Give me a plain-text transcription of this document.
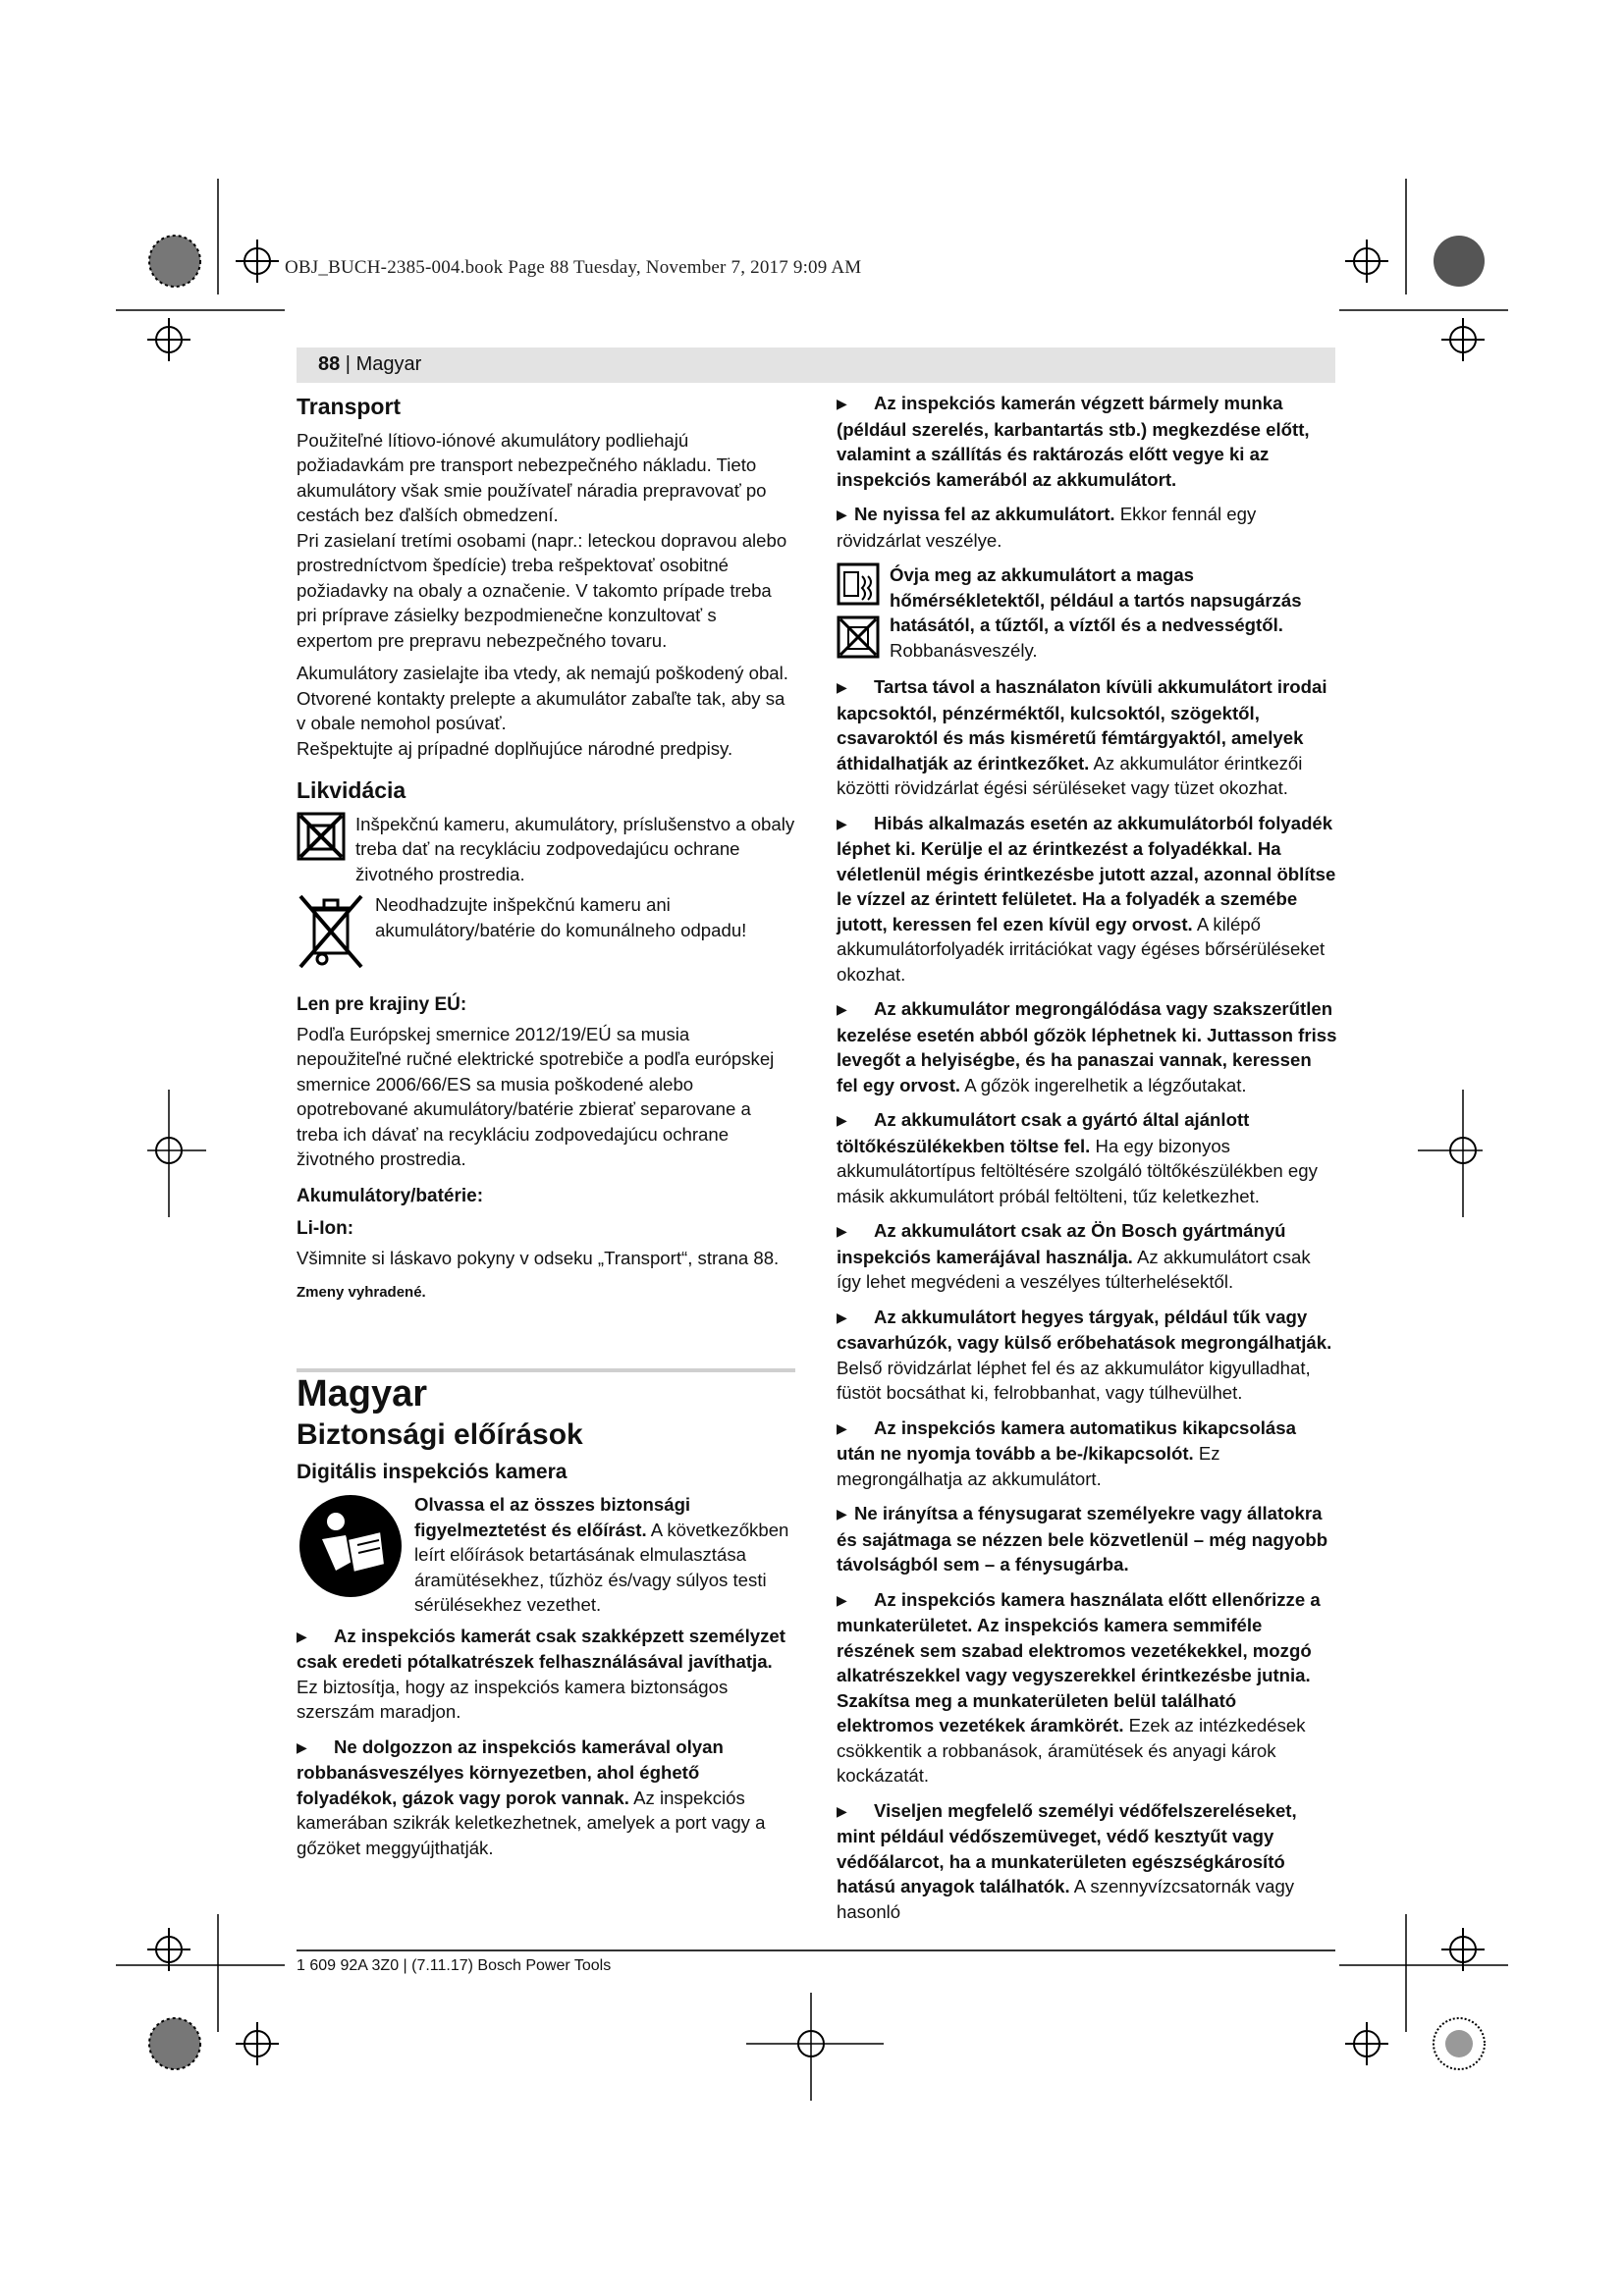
OBJ_BUCH-2385-004.book Page 88 Tuesday, November 7, 2017 9:09 AM
88 | Magyar
Transport

Použiteľné lítiovo-iónové akumulátory podliehajú požiadavkám pre transport nebezpečného nákladu. Tieto akumulátory však smie používateľ náradia prepravovať po cestách bez ďalších obmedzení.

Pri zasielaní tretími osobami (napr.: leteckou dopravou alebo prostredníctvom špedície) treba rešpektovať osobitné požiadavky na obaly a označenie. V takomto prípade treba pri príprave zásielky bezpodmienečne konzultovať s expertom pre prepravu nebezpečného tovaru.

Akumulátory zasielajte iba vtedy, ak nemajú poškodený obal. Otvorené kontakty prelepte a akumulátor zabaľte tak, aby sa v obale nemohol posúvať.

Rešpektujte aj prípadné doplňujúce národné predpisy.

Likvidácia
Inšpekčnú kameru, akumulátory, príslušenstvo a obaly treba dať na recykláciu zodpovedajúcu ochrane životného prostredia.
Neodhadzujte inšpekčnú kameru ani akumulátory/batérie do komunálneho odpadu!
Len pre krajiny EÚ:

Podľa Európskej smernice 2012/19/EÚ sa musia nepoužiteľné ručné elektrické spotrebiče a podľa európskej smernice 2006/66/ES sa musia poškodené alebo opotrebované akumulátory/batérie zbierať separovane a treba ich dávať na recykláciu zodpovedajúcu ochrane životného prostredia.

Akumulátory/batérie:
Li-Ion:

Všimnite si láskavo pokyny v odseku „Transport“, strana 88.

Zmeny vyhradené.
Magyar
Biztonsági előírások
Digitális inspekciós kamera
Olvassa el az összes biztonsági figyelmeztetést és előírást. A következőkben leírt előírások betartásának elmulasztása áramütésekhez, tűzhöz és/vagy súlyos testi sérülésekhez vezethet.

▶ Az inspekciós kamerát csak szakképzett személyzet csak eredeti pótalkatrészek felhasználásával javíthatja. Ez biztosítja, hogy az inspekciós kamera biztonságos szerszám maradjon.

▶ Ne dolgozzon az inspekciós kamerával olyan robbanásveszélyes környezetben, ahol éghető folyadékok, gázok vagy porok vannak. Az inspekciós kamerában szikrák keletkezhetnek, amelyek a port vagy a gőzöket meggyújthatják.

▶ Az inspekciós kamerán végzett bármely munka (például szerelés, karbantartás stb.) megkezdése előtt, valamint a szállítás és raktározás előtt vegye ki az inspekciós kamerából az akkumulátort.

▶ Ne nyissa fel az akkumulátort. Ekkor fennál egy rövidzárlat veszélye.

Óvja meg az akkumulátort a magas hőmérsékletektől, például a tartós napsugárzás hatásától, a tűztől, a víztől és a nedvességtől. Robbanásveszély.

▶ Tartsa távol a használaton kívüli akkumulátort irodai kapcsoktól, pénzérméktől, kulcsoktól, szögektől, csavaroktól és más kisméretű fémtárgyaktól, amelyek áthidalhatják az érintkezőket. Az akkumulátor érintkezői közötti rövidzárlat égési sérüléseket vagy tüzet okozhat.

▶ Hibás alkalmazás esetén az akkumulátorból folyadék léphet ki. Kerülje el az érintkezést a folyadékkal. Ha véletlenül mégis érintkezésbe jutott azzal, azonnal öblítse le vízzel az érintett felületet. Ha a folyadék a szemébe jutott, keressen fel ezen kívül egy orvost. A kilépő akkumulátorfolyadék irritációkat vagy égéses bőrsérüléseket okozhat.

▶ Az akkumulátor megrongálódása vagy szakszerűtlen kezelése esetén abból gőzök léphetnek ki. Juttasson friss levegőt a helyiségbe, és ha panaszai vannak, keressen fel egy orvost. A gőzök ingerelhetik a légzőutakat.

▶ Az akkumulátort csak a gyártó által ajánlott töltőkészülékekben töltse fel. Ha egy bizonyos akkumulátortípus feltöltésére szolgáló töltőkészülékben egy másik akkumulátort próbál feltölteni, tűz keletkezhet.

▶ Az akkumulátort csak az Ön Bosch gyártmányú inspekciós kamerájával használja. Az akkumulátort csak így lehet megvédeni a veszélyes túlterhelésektől.

▶ Az akkumulátort hegyes tárgyak, például tűk vagy csavarhúzók, vagy külső erőbehatások megrongálhatják. Belső rövidzárlat léphet fel és az akkumulátor kigyulladhat, füstöt bocsáthat ki, felrobbanhat, vagy túlhevülhet.

▶ Az inspekciós kamera automatikus kikapcsolása után ne nyomja tovább a be-/kikapcsolót. Ez megrongálhatja az akkumulátort.

▶ Ne irányítsa a fénysugarat személyekre vagy állatokra és sajátmaga se nézzen bele közvetlenül – még nagyobb távolságból sem – a fénysugárba.

▶ Az inspekciós kamera használata előtt ellenőrizze a munkaterületet. Az inspekciós kamera semmiféle részének sem szabad elektromos vezetékekkel, mozgó alkatrészekkel vagy vegyszerekkel érintkezésbe jutnia. Szakítsa meg a munkaterületen belül található elektromos vezetékek áramkörét. Ezek az intézkedések csökkentik a robbanások, áramütések és anyagi károk kockázatát.

▶ Viseljen megfelelő személyi védőfelszereléseket, mint például védőszemüveget, védő kesztyűt vagy védőálarcot, ha a munkaterületen egészségkárosító hatású anyagok találhatók. A szennyvízcsatornák vagy hasonló

1 609 92A 3Z0 | (7.11.17) Bosch Power Tools
